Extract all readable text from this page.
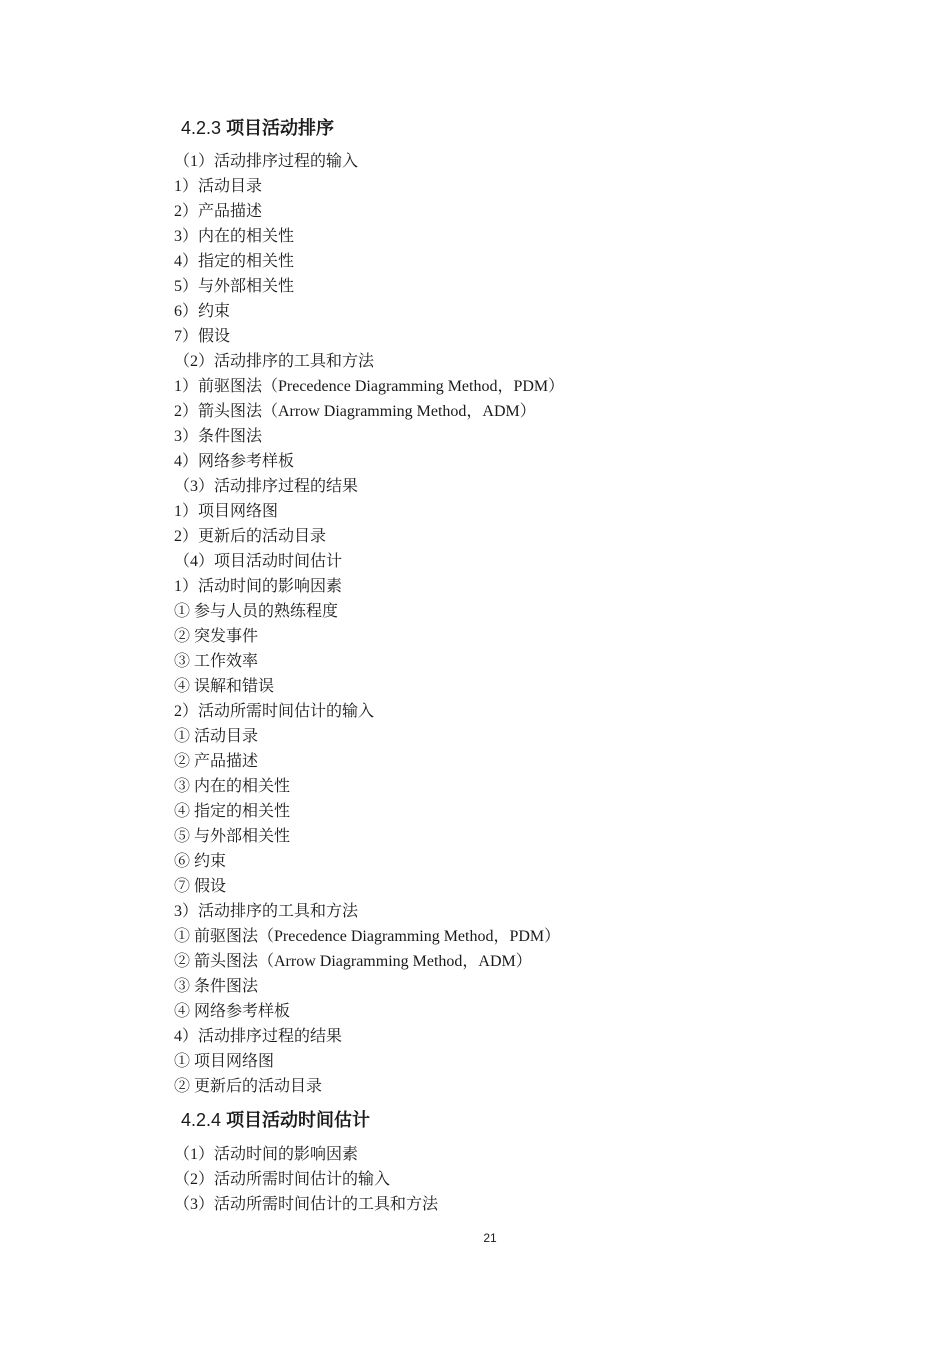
4.2.3 项目活动排序
（1）活动排序过程的输入
1）活动目录
2）产品描述
3）内在的相关性
4）指定的相关性
5）与外部相关性
6）约束
7）假设
（2）活动排序的工具和方法
1）前驱图法（Precedence Diagramming Method，PDM）
2）箭头图法（Arrow Diagramming Method，ADM）
3）条件图法
4）网络参考样板
（3）活动排序过程的结果
1）项目网络图
2）更新后的活动目录
（4）项目活动时间估计
1）活动时间的影响因素
① 参与人员的熟练程度
② 突发事件
③ 工作效率
④ 误解和错误
2）活动所需时间估计的输入
① 活动目录
② 产品描述
③ 内在的相关性
④ 指定的相关性
⑤ 与外部相关性
⑥ 约束
⑦ 假设
3）活动排序的工具和方法
① 前驱图法（Precedence Diagramming Method，PDM）
② 箭头图法（Arrow Diagramming Method，ADM）
③ 条件图法
④ 网络参考样板
4）活动排序过程的结果
① 项目网络图
② 更新后的活动目录
4.2.4 项目活动时间估计
（1）活动时间的影响因素
（2）活动所需时间估计的输入
（3）活动所需时间估计的工具和方法
21
